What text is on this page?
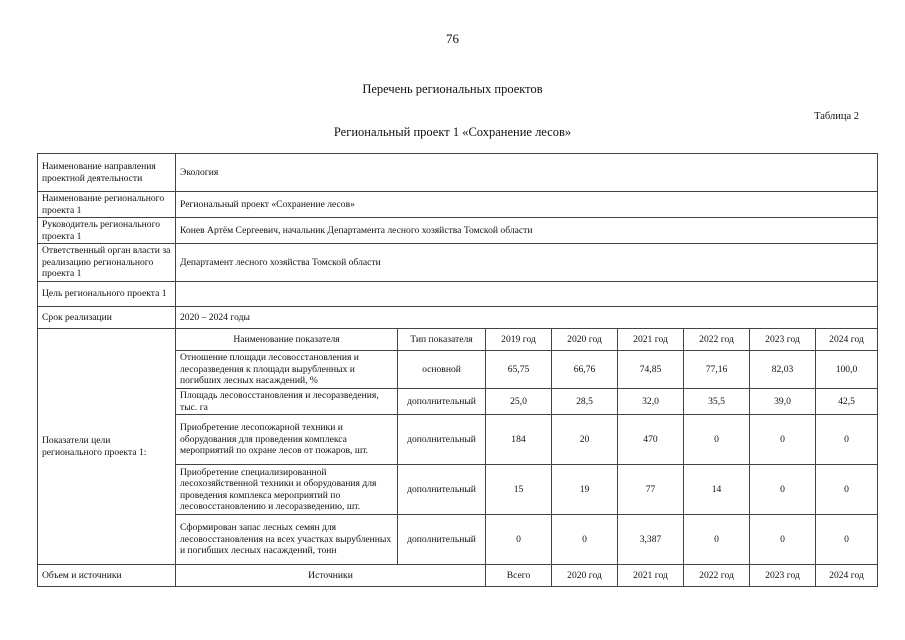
76
Перечень региональных проектов
Таблица 2
Региональный проект 1 «Сохранение лесов»
Наименование направления проектной деятельности	Экология							
Наименование регионального проекта 1	Региональный проект «Сохранение лесов»							
Руководитель регионального проекта 1	Конев Артём Сергеевич, начальник Департамента лесного хозяйства Томской области							
Ответственный орган власти за реализацию регионального проекта 1	Департамент лесного хозяйства Томской области							
Цель регионального проекта 1								
Срок реализации	2020 – 2024 годы							
Показатели цели регионального проекта 1:	Наименование показателя	Тип показателя	2019 год	2020 год	2021 год	2022 год	2023 год	2024 год
	Отношение площади лесовосстановления и лесоразведения к площади вырубленных и погибших лесных насаждений, %	основной	65,75	66,76	74,85	77,16	82,03	100,0
	Площадь лесовосстановления и лесоразведения, тыс. га	дополнительный	25,0	28,5	32,0	35,5	39,0	42,5
	Приобретение лесопожарной техники и оборудования для проведения комплекса мероприятий по охране лесов от пожаров, шт.	дополнительный	184	20	470	0	0	0
	Приобретение специализированной лесохозяйственной техники и оборудования для проведения комплекса мероприятий по лесовосстановлению и лесоразведению, шт.	дополнительный	15	19	77	14	0	0
	Сформирован запас лесных семян для лесовосстановления на всех участках вырубленных и погибших лесных насаждений, тонн	дополнительный	0	0	3,387	0	0	0
Объем и источники	Источники		Всего	2020 год	2021 год	2022 год	2023 год	2024 год
